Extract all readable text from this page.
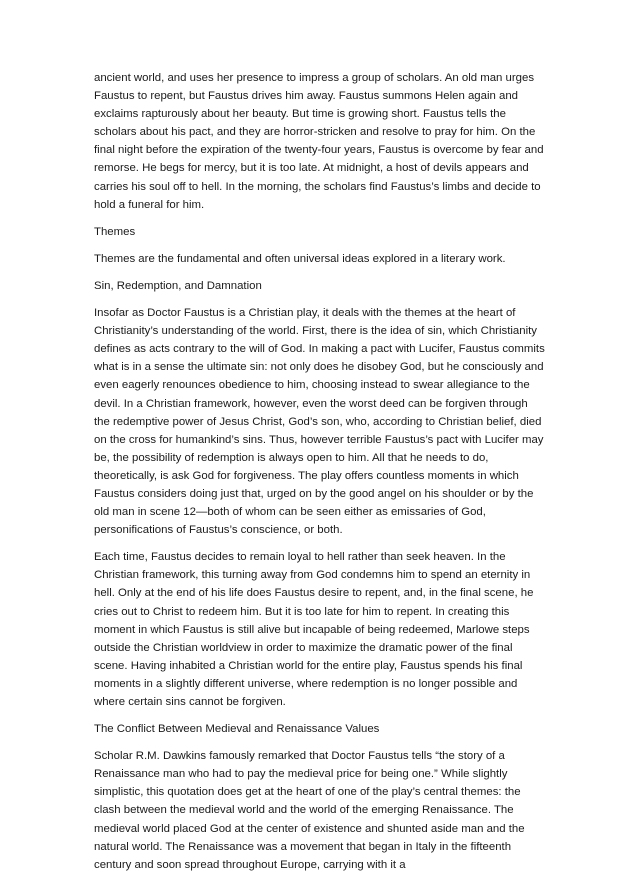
ancient world, and uses her presence to impress a group of scholars. An old man urges Faustus to repent, but Faustus drives him away. Faustus summons Helen again and exclaims rapturously about her beauty. But time is growing short. Faustus tells the scholars about his pact, and they are horror-stricken and resolve to pray for him. On the final night before the expiration of the twenty-four years, Faustus is overcome by fear and remorse. He begs for mercy, but it is too late. At midnight, a host of devils appears and carries his soul off to hell. In the morning, the scholars find Faustus’s limbs and decide to hold a funeral for him.

Themes

Themes are the fundamental and often universal ideas explored in a literary work.

Sin, Redemption, and Damnation

Insofar as Doctor Faustus is a Christian play, it deals with the themes at the heart of Christianity’s understanding of the world. First, there is the idea of sin, which Christianity defines as acts contrary to the will of God. In making a pact with Lucifer, Faustus commits what is in a sense the ultimate sin: not only does he disobey God, but he consciously and even eagerly renounces obedience to him, choosing instead to swear allegiance to the devil. In a Christian framework, however, even the worst deed can be forgiven through the redemptive power of Jesus Christ, God’s son, who, according to Christian belief, died on the cross for humankind’s sins. Thus, however terrible Faustus’s pact with Lucifer may be, the possibility of redemption is always open to him. All that he needs to do, theoretically, is ask God for forgiveness. The play offers countless moments in which Faustus considers doing just that, urged on by the good angel on his shoulder or by the old man in scene 12—both of whom can be seen either as emissaries of God, personifications of Faustus’s conscience, or both.

Each time, Faustus decides to remain loyal to hell rather than seek heaven. In the Christian framework, this turning away from God condemns him to spend an eternity in hell. Only at the end of his life does Faustus desire to repent, and, in the final scene, he cries out to Christ to redeem him. But it is too late for him to repent. In creating this moment in which Faustus is still alive but incapable of being redeemed, Marlowe steps outside the Christian worldview in order to maximize the dramatic power of the final scene. Having inhabited a Christian world for the entire play, Faustus spends his final moments in a slightly different universe, where redemption is no longer possible and where certain sins cannot be forgiven.

The Conflict Between Medieval and Renaissance Values

Scholar R.M. Dawkins famously remarked that Doctor Faustus tells “the story of a Renaissance man who had to pay the medieval price for being one.” While slightly simplistic, this quotation does get at the heart of one of the play’s central themes: the clash between the medieval world and the world of the emerging Renaissance. The medieval world placed God at the center of existence and shunted aside man and the natural world. The Renaissance was a movement that began in Italy in the fifteenth century and soon spread throughout Europe, carrying with it a
